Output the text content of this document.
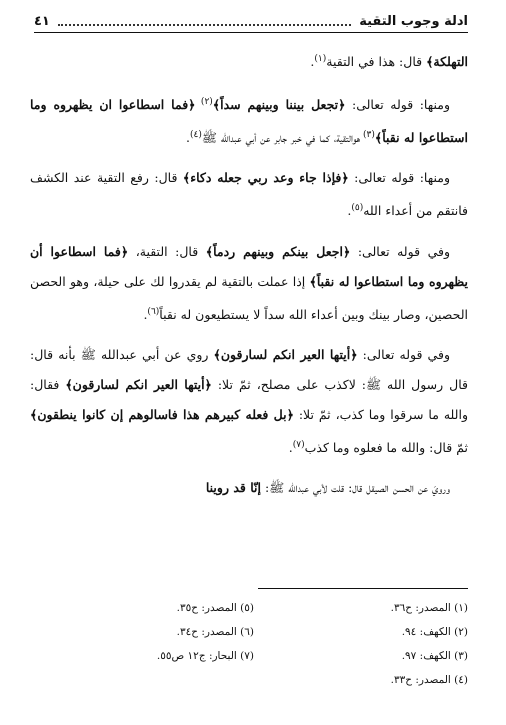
ادلة وجوب التقية
٤١

التهلكة﴾ قال: هذا في التقية$^{(١)}$.

ومنها: قوله تعالى: ﴿تجعل بيننا وبينهم سداً﴾$^{(٢)}$ ﴿فما اسطاعوا ان يظهروه وما استطاعوا له نقباً﴾$^{(٣)}$ هوالتقية، كما في خبر جابر عن أبي عبدالله ﷺ$^{(٤)}$.

ومنها: قوله تعالى: ﴿فإذا جاء وعد ربي جعله دكاء﴾ قال: رفع التقية عند الكشف فانتقم من أعداء الله$^{(٥)}$.

وفي قوله تعالى: ﴿اجعل بينكم وبينهم ردماً﴾ قال: التقية، ﴿فما اسطاعوا أن يظهروه وما استطاعوا له نقباً﴾ إذا عملت بالتقية لم يقدروا لك على حيلة، وهو الحصن الحصين، وصار بينك وبين أعداء الله سداً لا يستطيعون له نقباً$^{(٦)}$.

وفي قوله تعالى: ﴿أيتها العير انكم لسارقون﴾ روي عن أبي عبدالله ﷺ بأنه قال: قال رسول الله ﷺ: لاكذب على مصلح، ثمّ تلا: ﴿أيتها العير انكم لسارقون﴾ فقال: والله ما سرقوا وما كذب، ثمّ تلا: ﴿بل فعله كبيرهم هذا فاسالوهم إن كانوا ينطقون﴾ ثمّ قال: والله ما فعلوه وما كذب$^{(٧)}$.

ورويَ عن الحسن الصيقل قال: قلت لأبي عبدالله ﷺ: إنّا قد روينا

(١) المصدر: ح٣٦.
(٢) الكهف: ٩٤.
(٣) الكهف: ٩٧.
(٤) المصدر: ح٣٣.
(٥) المصدر: ح٣٥.
(٦) المصدر: ح٣٤.
(٧) البحار: ج١٢ ص٥٥.
